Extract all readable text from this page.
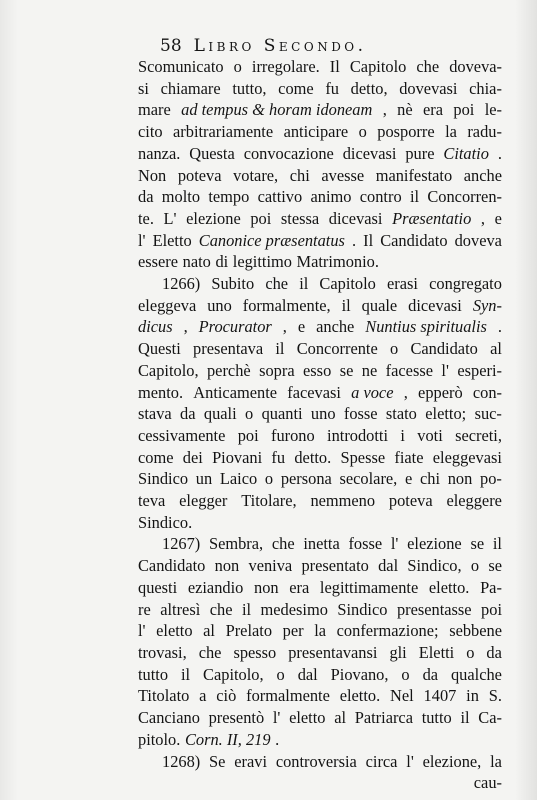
58 Libro Secondo.
Scomunicato o irregolare. Il Capitolo che doveva-
si chiamare tutto, come fu detto, dovevasi chia-
mare ad tempus & horam idoneam , nè era poi le-
cito arbitrariamente anticipare o posporre la radu-
nanza. Questa convocazione dicevasi pure Citatio .
Non poteva votare, chi avesse manifestato anche
da molto tempo cattivo animo contro il Concorren-
te. L' elezione poi stessa dicevasi Præsentatio , e
l' Eletto Canonice præsentatus . Il Candidato doveva
essere nato di legittimo Matrimonio.
1266) Subito che il Capitolo erasi congregato
eleggeva uno formalmente, il quale dicevasi Syn-
dicus , Procurator , e anche Nuntius spiritualis .
Questi presentava il Concorrente o Candidato al
Capitolo, perchè sopra esso se ne facesse l' esperi-
mento. Anticamente facevasi a voce , epperò con-
stava da quali o quanti uno fosse stato eletto; suc-
cessivamente poi furono introdotti i voti secreti,
come dei Piovani fu detto. Spesse fiate eleggevasi
Sindico un Laico o persona secolare, e chi non po-
teva elegger Titolare, nemmeno poteva eleggere
Sindico.
1267) Sembra, che inetta fosse l' elezione se il
Candidato non veniva presentato dal Sindico, o se
questi eziandio non era legittimamente eletto. Pa-
re altresì che il medesimo Sindico presentasse poi
l' eletto al Prelato per la confermazione; sebbene
trovasi, che spesso presentavansi gli Eletti o da
tutto il Capitolo, o dal Piovano, o da qualche
Titolato a ciò formalmente eletto. Nel 1407 in S.
Canciano presentò l' eletto al Patriarca tutto il Ca-
pitolo. Corn. II, 219 .
1268) Se eravi controversia circa l' elezione, la
cau-
